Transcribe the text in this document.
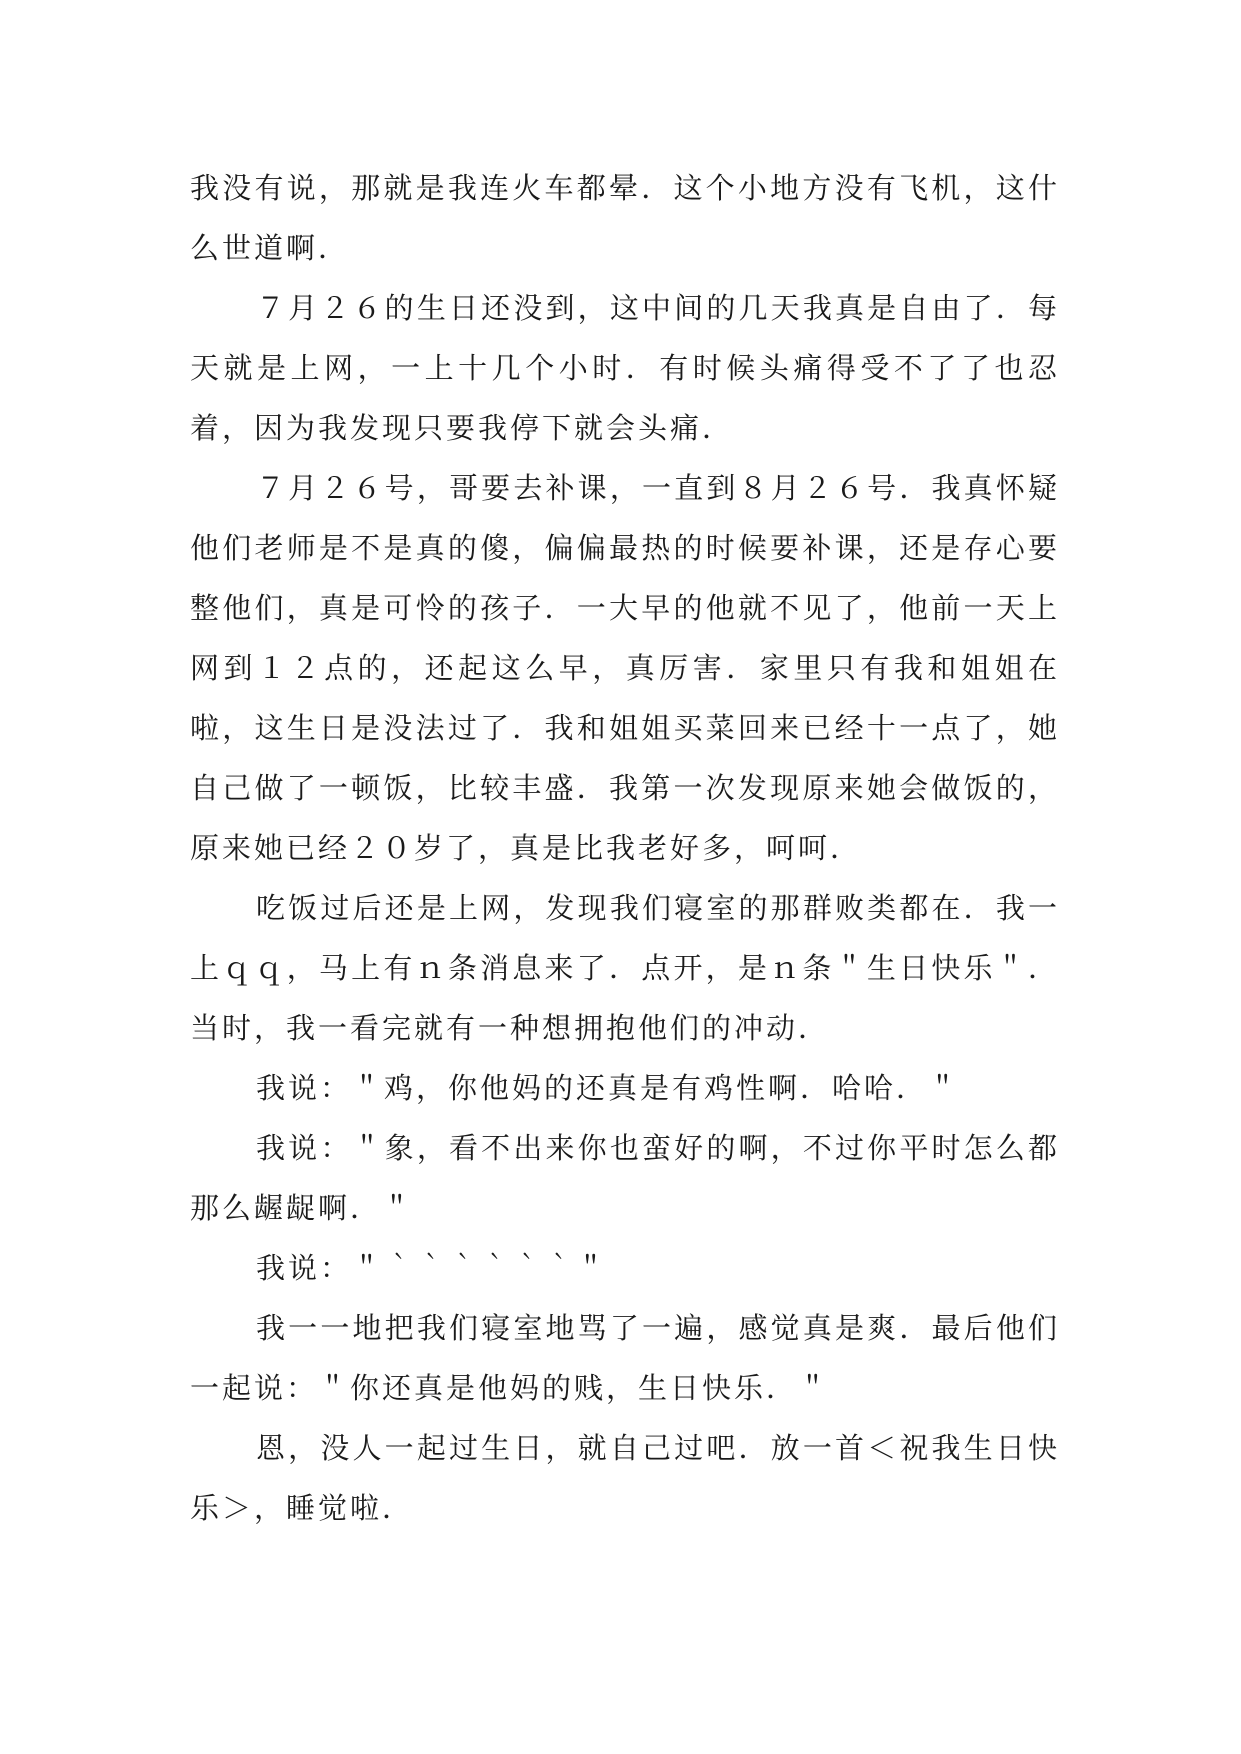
我没有说，那就是我连火车都晕．这个小地方没有飞机，这什么世道啊．

７月２６的生日还没到，这中间的几天我真是自由了．每天就是上网，一上十几个小时．有时候头痛得受不了了也忍着，因为我发现只要我停下就会头痛．

７月２６号，哥要去补课，一直到８月２６号．我真怀疑他们老师是不是真的傻，偏偏最热的时候要补课，还是存心要整他们，真是可怜的孩子．一大早的他就不见了，他前一天上网到１２点的，还起这么早，真厉害．家里只有我和姐姐在啦，这生日是没法过了．我和姐姐买菜回来已经十一点了，她自己做了一顿饭，比较丰盛．我第一次发现原来她会做饭的，原来她已经２０岁了，真是比我老好多，呵呵．

吃饭过后还是上网，发现我们寝室的那群败类都在．我一上ｑｑ，马上有ｎ条消息来了．点开，是ｎ条＂生日快乐＂．当时，我一看完就有一种想拥抱他们的冲动．

我说：＂鸡，你他妈的还真是有鸡性啊．哈哈．＂

我说：＂象，看不出来你也蛮好的啊，不过你平时怎么都那么龌龊啊．＂

我说：＂｀｀｀｀｀｀＂

我一一地把我们寝室地骂了一遍，感觉真是爽．最后他们一起说：＂你还真是他妈的贱，生日快乐．＂

恩，没人一起过生日，就自己过吧．放一首＜祝我生日快乐＞，睡觉啦．
